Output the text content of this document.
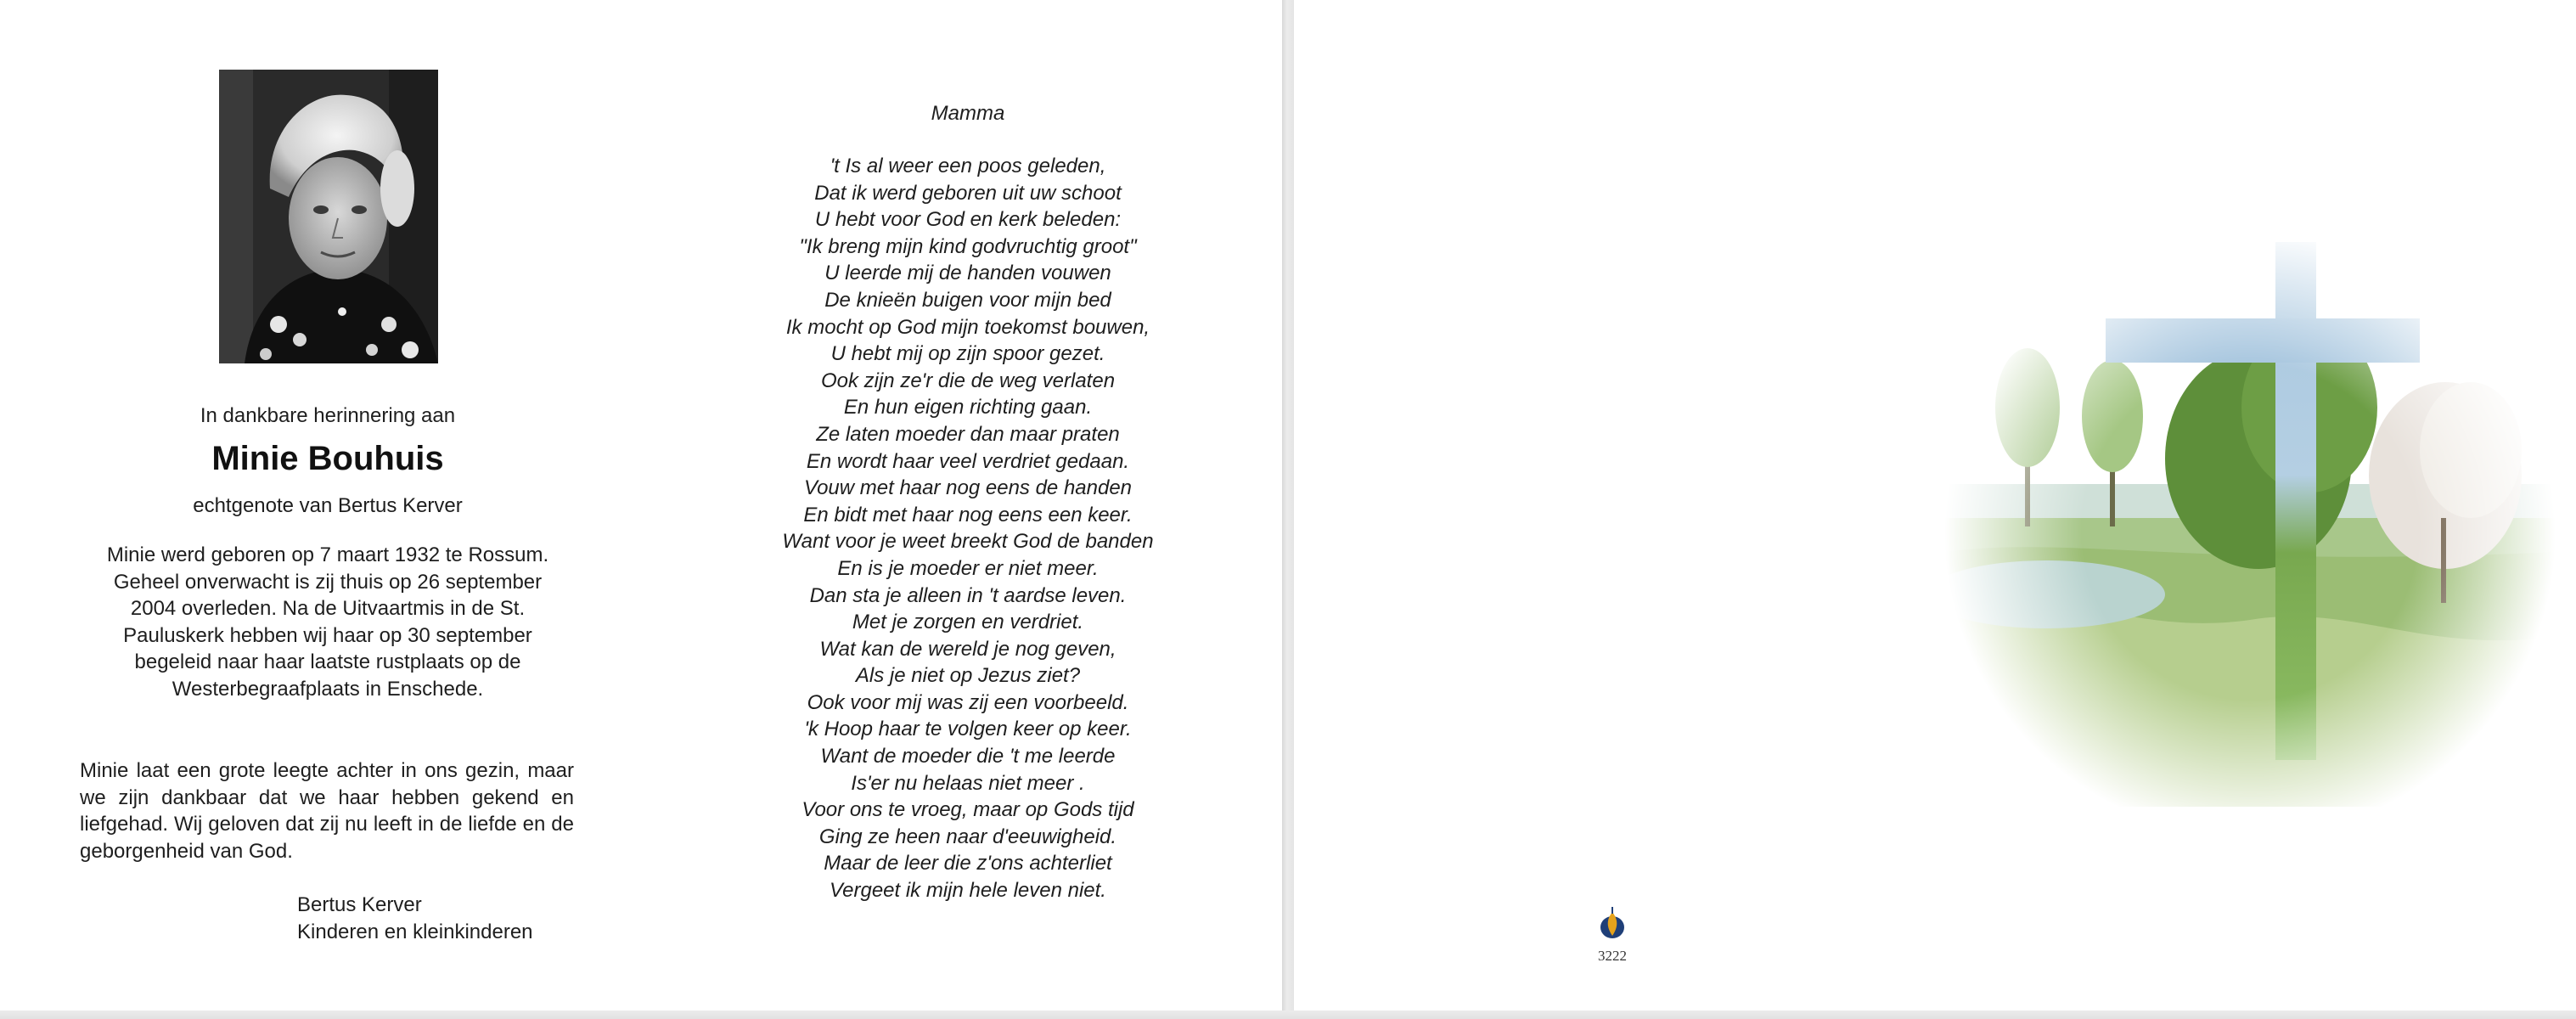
In dankbare herinnering aan
Minie Bouhuis
echtgenote van Bertus Kerver
Minie werd geboren op 7 maart 1932 te Rossum.
Geheel onverwacht is zij thuis op 26 september
2004 overleden. Na de Uitvaartmis in de St.
Pauluskerk hebben wij haar op 30 september
begeleid naar haar laatste rustplaats op de
Westerbegraafplaats in Enschede.

Minie laat een grote leegte achter in ons gezin, maar we zijn dankbaar dat we haar hebben gekend en liefgehad. Wij geloven dat zij nu leeft in de liefde en de geborgenheid van God.

Bertus Kerver
Kinderen en kleinkinderen
Mamma
't Is al weer een poos geleden,
Dat ik werd geboren uit uw schoot
U hebt voor God en kerk beleden:
"Ik breng mijn kind godvruchtig groot"
U leerde mij de handen vouwen
De knieën buigen voor mijn bed
Ik mocht op God mijn toekomst bouwen,
U hebt mij op zijn spoor gezet.
Ook zijn ze'r die de weg verlaten
En hun eigen richting gaan.
Ze laten moeder dan maar praten
En wordt haar veel verdriet gedaan.
Vouw met haar nog eens de handen
En bidt met haar nog eens een keer.
Want voor je weet breekt God de banden
En is je moeder er niet meer.
Dan sta je alleen in 't aardse leven.
Met je zorgen en verdriet.
Wat kan de wereld je nog geven,
Als je niet op Jezus ziet?
Ook voor mij was zij een voorbeeld.
'k Hoop haar te volgen keer op keer.
Want de moeder die 't me leerde
Is'er nu helaas niet meer .
Voor ons te vroeg, maar op Gods tijd
Ging ze heen naar d'eeuwigheid.
Maar de leer die z'ons achterliet
Vergeet ik mijn hele leven niet.
3222
